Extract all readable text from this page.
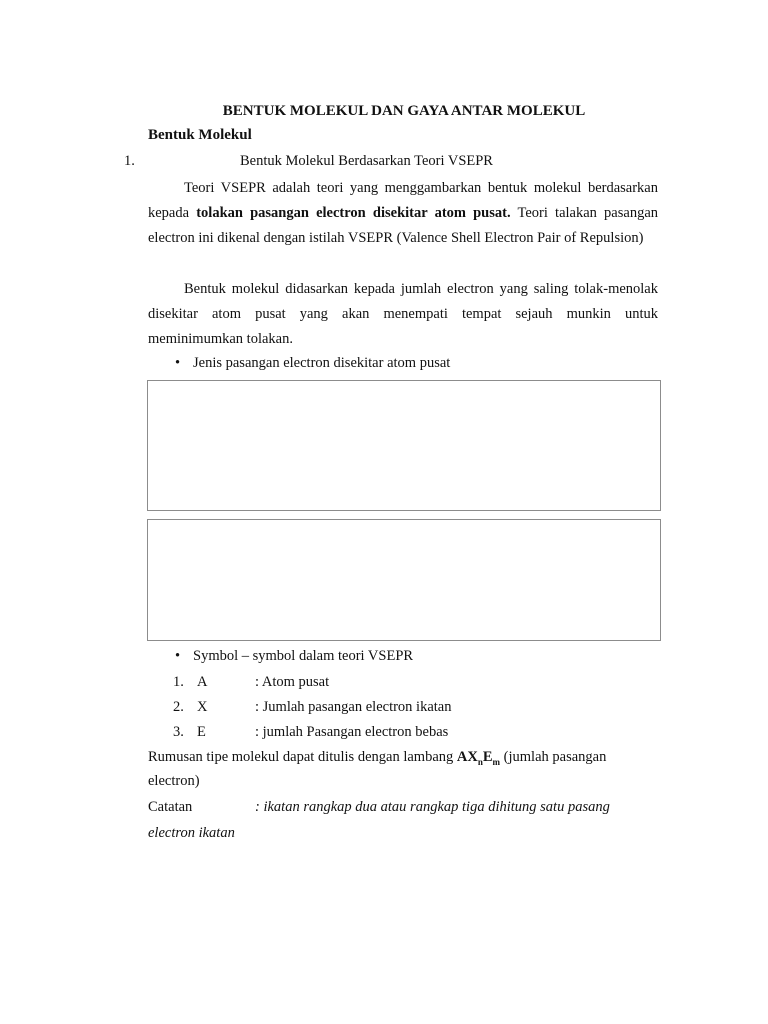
BENTUK MOLEKUL DAN GAYA ANTAR MOLEKUL
Bentuk Molekul
1.	Bentuk Molekul Berdasarkan Teori VSEPR
Teori VSEPR adalah teori yang menggambarkan bentuk molekul berdasarkan kepada tolakan pasangan electron disekitar atom pusat. Teori talakan pasangan electron ini dikenal dengan istilah VSEPR (Valence Shell Electron Pair of Repulsion)
Bentuk molekul didasarkan kepada jumlah electron yang saling tolak-menolak disekitar atom pusat yang akan menempati tempat sejauh munkin untuk meminimumkan tolakan.
• Jenis pasangan electron disekitar atom pusat
• Symbol – symbol dalam teori VSEPR
1. A	: Atom pusat
2. X	: Jumlah pasangan electron ikatan
3. E	: jumlah Pasangan electron bebas
Rumusan tipe molekul dapat ditulis dengan lambang $AX_nE_m$ (jumlah pasangan
electron)
Catatan	: ikatan rangkap dua atau rangkap tiga dihitung satu pasang
electron ikatan
